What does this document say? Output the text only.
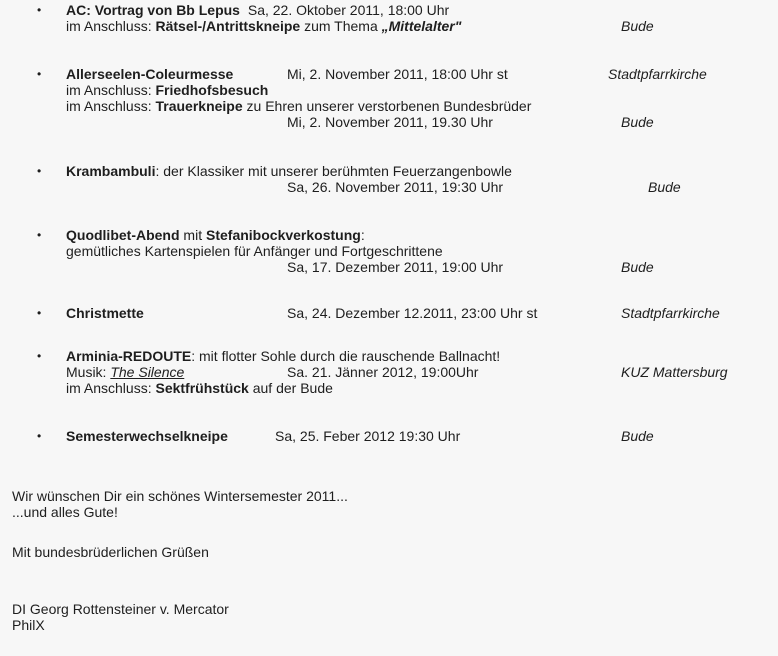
• AC: Vortrag von Bb Lepus Sa, 22. Oktober 2011, 18:00 Uhr
im Anschluss: Rätsel-/Antrittskneipe zum Thema „Mittelalter"	Bude
• Allerseelen-Coleurmesse	Mi, 2. November 2011, 18:00 Uhr st	Stadtpfarrkirche
im Anschluss: Friedhofsbesuch
im Anschluss: Trauerkneipe zu Ehren unserer verstorbenen Bundesbrüder
Mi, 2. November 2011, 19.30 Uhr	Bude
• Krambambuli: der Klassiker mit unserer berühmten Feuerzangenbowle
Sa, 26. November 2011, 19:30 Uhr	Bude
• Quodlibet-Abend mit Stefanibockverkostung:
gemütliches Kartenspielen für Anfänger und Fortgeschrittene
Sa, 17. Dezember 2011, 19:00 Uhr	Bude
• Christmette	Sa, 24. Dezember 12.2011, 23:00 Uhr st	Stadtpfarrkirche
• Arminia-REDOUTE: mit flotter Sohle durch die rauschende Ballnacht!
Musik: The Silence	Sa. 21. Jänner 2012, 19:00Uhr	KUZ Mattersburg
im Anschluss: Sektfrühstück auf der Bude
• Semesterwechselkneipe	Sa, 25. Feber 2012 19:30 Uhr	Bude
Wir wünschen Dir ein schönes Wintersemester 2011...
...und alles Gute!
Mit bundesbrüderlichen Grüßen
DI Georg Rottensteiner v. Mercator
PhilX
